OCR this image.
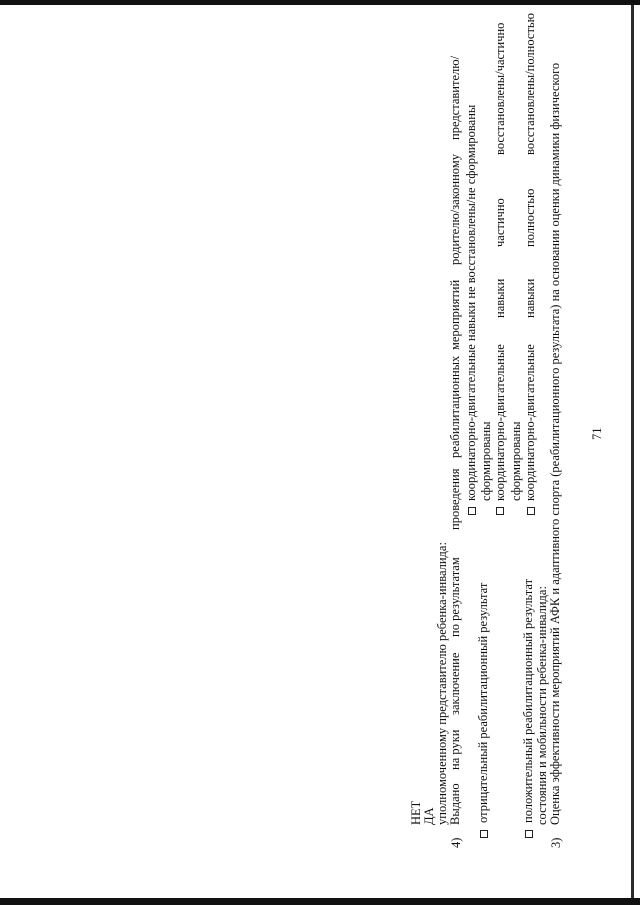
71
3)
Оценка эффективности мероприятий АФК и адаптивного спорта (реабилитационного результата) на основании оценки динамики физического
состояния и мобильности ребенка-инвалида:
положительный реабилитационный результат
координаторно-двигательные
навыки
полностью
восстановлены/полностью
сформированы
координаторно-двигательные
навыки
частично
восстановлены/частично
сформированы
координаторно-двигательные навыки не восстановлены/не сформированы
отрицательный реабилитационный результат
4)
Выдано
на руки
заключение
по результатам
проведения
реабилитационных
мероприятий
родителю/законному
представителю/
уполномоченному представителю ребенка-инвалида:
ДА
НЕТ
